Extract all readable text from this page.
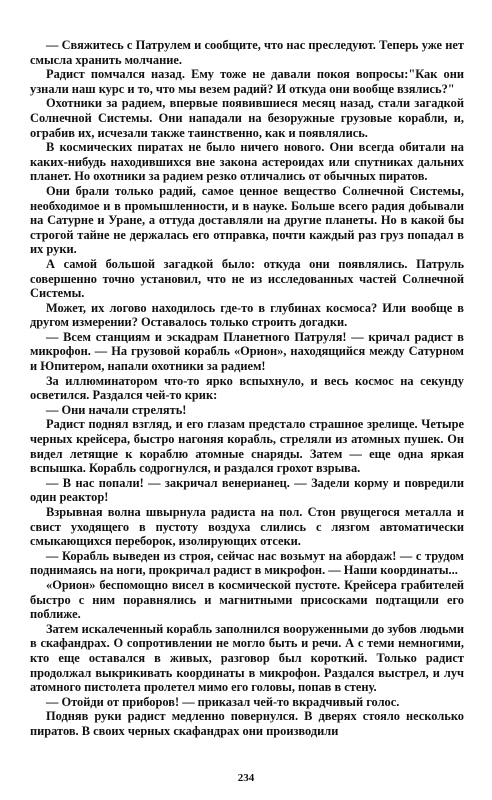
— Свяжитесь с Патрулем и сообщите, что нас преследуют. Теперь уже нет смысла хранить молчание.

Радист помчался назад. Ему тоже не давали покоя вопросы:"Как они узнали наш курс и то, что мы везем радий? И откуда они вообще взялись?"

Охотники за радием, впервые появившиеся месяц назад, стали загадкой Солнечной Системы. Они нападали на безоружные грузовые корабли, и, ограбив их, исчезали также таинственно, как и появлялись.

В космических пиратах не было ничего нового. Они всегда обитали на каких-нибудь находившихся вне закона астероидах или спутниках дальних планет. Но охотники за радием резко отличались от обычных пиратов.

Они брали только радий, самое ценное вещество Солнечной Системы, необходимое и в промышленности, и в науке. Больше всего радия добывали на Сатурне и Уране, а оттуда доставляли на другие планеты. Но в какой бы строгой тайне не держалась его отправка, почти каждый раз груз попадал в их руки.

А самой большой загадкой было: откуда они появлялись. Патруль совершенно точно установил, что не из исследованных частей Солнечной Системы.

Может, их логово находилось где-то в глубинах космоса? Или вообще в другом измерении? Оставалось только строить догадки.

— Всем станциям и эскадрам Планетного Патруля! — кричал радист в микрофон. — На грузовой корабль «Орион», находящийся между Сатурном и Юпитером, напали охотники за радием!

За иллюминатором что-то ярко вспыхнуло, и весь космос на секунду осветился. Раздался чей-то крик:

— Они начали стрелять!

Радист поднял взгляд, и его глазам предстало страшное зрелище. Четыре черных крейсера, быстро нагоняя корабль, стреляли из атомных пушек. Он видел летящие к кораблю атомные снаряды. Затем — еще одна яркая вспышка. Корабль содрогнулся, и раздался грохот взрыва.

— В нас попали! — закричал венерианец. — Задели корму и повредили один реактор!

Взрывная волна швырнула радиста на пол. Стон рвущегося металла и свист уходящего в пустоту воздуха слились с лязгом автоматически смыкающихся переборок, изолирующих отсеки.

— Корабль выведен из строя, сейчас нас возьмут на абордаж! — с трудом поднимаясь на ноги, прокричал радист в микрофон. — Наши координаты...

«Орион» беспомощно висел в космической пустоте. Крейсера грабителей быстро с ним поравнялись и магнитными присосками подтащили его поближе.

Затем искалеченный корабль заполнился вооруженными до зубов людьми в скафандрах. О сопротивлении не могло быть и речи. А с теми немногими, кто еще оставался в живых, разговор был короткий. Только радист продолжал выкрикивать координаты в микрофон. Раздался выстрел, и луч атомного пистолета пролетел мимо его головы, попав в стену.

— Отойди от приборов! — приказал чей-то вкрадчивый голос.

Подняв руки радист медленно повернулся. В дверях стояло несколько пиратов. В своих черных скафандрах они производили

234
